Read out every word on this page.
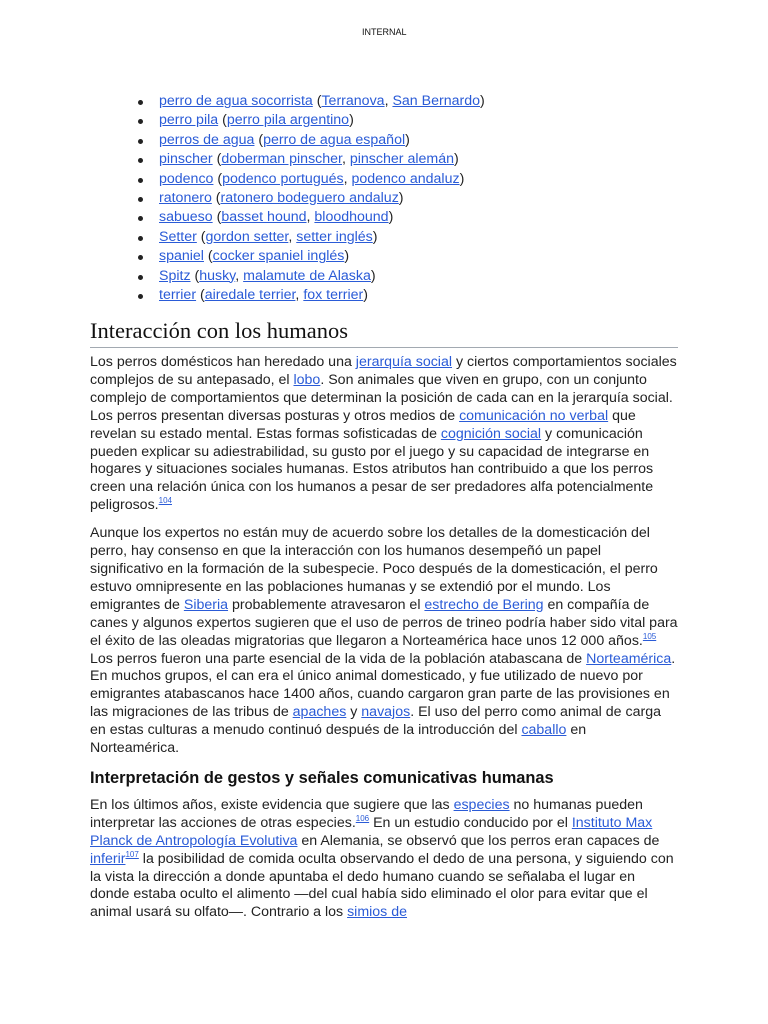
INTERNAL
perro de agua socorrista (Terranova, San Bernardo)
perro pila (perro pila argentino)
perros de agua (perro de agua español)
pinscher (doberman pinscher, pinscher alemán)
podenco (podenco portugués, podenco andaluz)
ratonero (ratonero bodeguero andaluz)
sabueso (basset hound, bloodhound)
Setter (gordon setter, setter inglés)
spaniel (cocker spaniel inglés)
Spitz (husky, malamute de Alaska)
terrier (airedale terrier, fox terrier)
Interacción con los humanos

Los perros domésticos han heredado una jerarquía social y ciertos comportamientos sociales complejos de su antepasado, el lobo. Son animales que viven en grupo, con un conjunto complejo de comportamientos que determinan la posición de cada can en la jerarquía social. Los perros presentan diversas posturas y otros medios de comunicación no verbal que revelan su estado mental. Estas formas sofisticadas de cognición social y comunicación pueden explicar su adiestrabilidad, su gusto por el juego y su capacidad de integrarse en hogares y situaciones sociales humanas. Estos atributos han contribuido a que los perros creen una relación única con los humanos a pesar de ser predadores alfa potencialmente peligrosos.$^{104}$

Aunque los expertos no están muy de acuerdo sobre los detalles de la domesticación del perro, hay consenso en que la interacción con los humanos desempeñó un papel significativo en la formación de la subespecie. Poco después de la domesticación, el perro estuvo omnipresente en las poblaciones humanas y se extendió por el mundo. Los emigrantes de Siberia probablemente atravesaron el estrecho de Bering en compañía de canes y algunos expertos sugieren que el uso de perros de trineo podría haber sido vital para el éxito de las oleadas migratorias que llegaron a Norteamérica hace unos 12 000 años.$^{105}$ Los perros fueron una parte esencial de la vida de la población atabascana de Norteamérica. En muchos grupos, el can era el único animal domesticado, y fue utilizado de nuevo por emigrantes atabascanos hace 1400 años, cuando cargaron gran parte de las provisiones en las migraciones de las tribus de apaches y navajos. El uso del perro como animal de carga en estas culturas a menudo continuó después de la introducción del caballo en Norteamérica.

Interpretación de gestos y señales comunicativas humanas

En los últimos años, existe evidencia que sugiere que las especies no humanas pueden interpretar las acciones de otras especies.$^{106}$ En un estudio conducido por el Instituto Max Planck de Antropología Evolutiva en Alemania, se observó que los perros eran capaces de inferir$^{107}$ la posibilidad de comida oculta observando el dedo de una persona, y siguiendo con la vista la dirección a donde apuntaba el dedo humano cuando se señalaba el lugar en donde estaba oculto el alimento —del cual había sido eliminado el olor para evitar que el animal usará su olfato—. Contrario a los simios de
